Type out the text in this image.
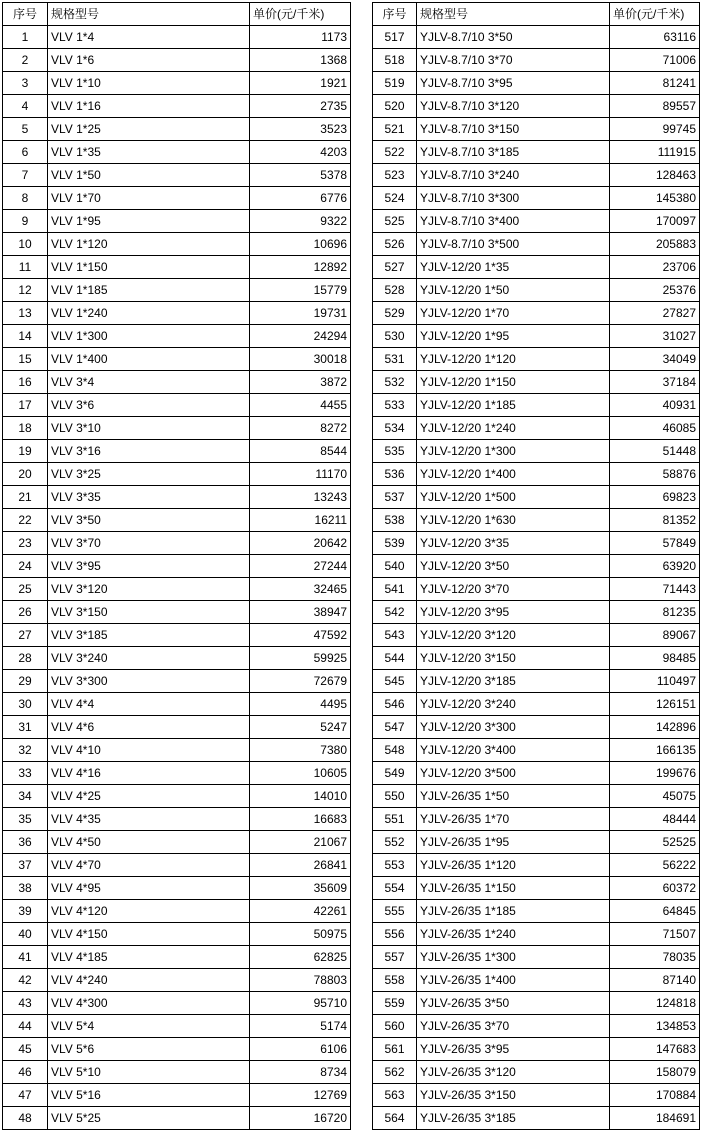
序号	规格型号	单价(元/千米)
1	VLV 1*4	1173
2	VLV 1*6	1368
3	VLV 1*10	1921
4	VLV 1*16	2735
5	VLV 1*25	3523
6	VLV 1*35	4203
7	VLV 1*50	5378
8	VLV 1*70	6776
9	VLV 1*95	9322
10	VLV 1*120	10696
11	VLV 1*150	12892
12	VLV 1*185	15779
13	VLV 1*240	19731
14	VLV 1*300	24294
15	VLV 1*400	30018
16	VLV 3*4	3872
17	VLV 3*6	4455
18	VLV 3*10	8272
19	VLV 3*16	8544
20	VLV 3*25	11170
21	VLV 3*35	13243
22	VLV 3*50	16211
23	VLV 3*70	20642
24	VLV 3*95	27244
25	VLV 3*120	32465
26	VLV 3*150	38947
27	VLV 3*185	47592
28	VLV 3*240	59925
29	VLV 3*300	72679
30	VLV 4*4	4495
31	VLV 4*6	5247
32	VLV 4*10	7380
33	VLV 4*16	10605
34	VLV 4*25	14010
35	VLV 4*35	16683
36	VLV 4*50	21067
37	VLV 4*70	26841
38	VLV 4*95	35609
39	VLV 4*120	42261
40	VLV 4*150	50975
41	VLV 4*185	62825
42	VLV 4*240	78803
43	VLV 4*300	95710
44	VLV 5*4	5174
45	VLV 5*6	6106
46	VLV 5*10	8734
47	VLV 5*16	12769
48	VLV 5*25	16720
序号	规格型号	单价(元/千米)
517	YJLV-8.7/10 3*50	63116
518	YJLV-8.7/10 3*70	71006
519	YJLV-8.7/10 3*95	81241
520	YJLV-8.7/10 3*120	89557
521	YJLV-8.7/10 3*150	99745
522	YJLV-8.7/10 3*185	111915
523	YJLV-8.7/10 3*240	128463
524	YJLV-8.7/10 3*300	145380
525	YJLV-8.7/10 3*400	170097
526	YJLV-8.7/10 3*500	205883
527	YJLV-12/20 1*35	23706
528	YJLV-12/20 1*50	25376
529	YJLV-12/20 1*70	27827
530	YJLV-12/20 1*95	31027
531	YJLV-12/20 1*120	34049
532	YJLV-12/20 1*150	37184
533	YJLV-12/20 1*185	40931
534	YJLV-12/20 1*240	46085
535	YJLV-12/20 1*300	51448
536	YJLV-12/20 1*400	58876
537	YJLV-12/20 1*500	69823
538	YJLV-12/20 1*630	81352
539	YJLV-12/20 3*35	57849
540	YJLV-12/20 3*50	63920
541	YJLV-12/20 3*70	71443
542	YJLV-12/20 3*95	81235
543	YJLV-12/20 3*120	89067
544	YJLV-12/20 3*150	98485
545	YJLV-12/20 3*185	110497
546	YJLV-12/20 3*240	126151
547	YJLV-12/20 3*300	142896
548	YJLV-12/20 3*400	166135
549	YJLV-12/20 3*500	199676
550	YJLV-26/35 1*50	45075
551	YJLV-26/35 1*70	48444
552	YJLV-26/35 1*95	52525
553	YJLV-26/35 1*120	56222
554	YJLV-26/35 1*150	60372
555	YJLV-26/35 1*185	64845
556	YJLV-26/35 1*240	71507
557	YJLV-26/35 1*300	78035
558	YJLV-26/35 1*400	87140
559	YJLV-26/35 3*50	124818
560	YJLV-26/35 3*70	134853
561	YJLV-26/35 3*95	147683
562	YJLV-26/35 3*120	158079
563	YJLV-26/35 3*150	170884
564	YJLV-26/35 3*185	184691
